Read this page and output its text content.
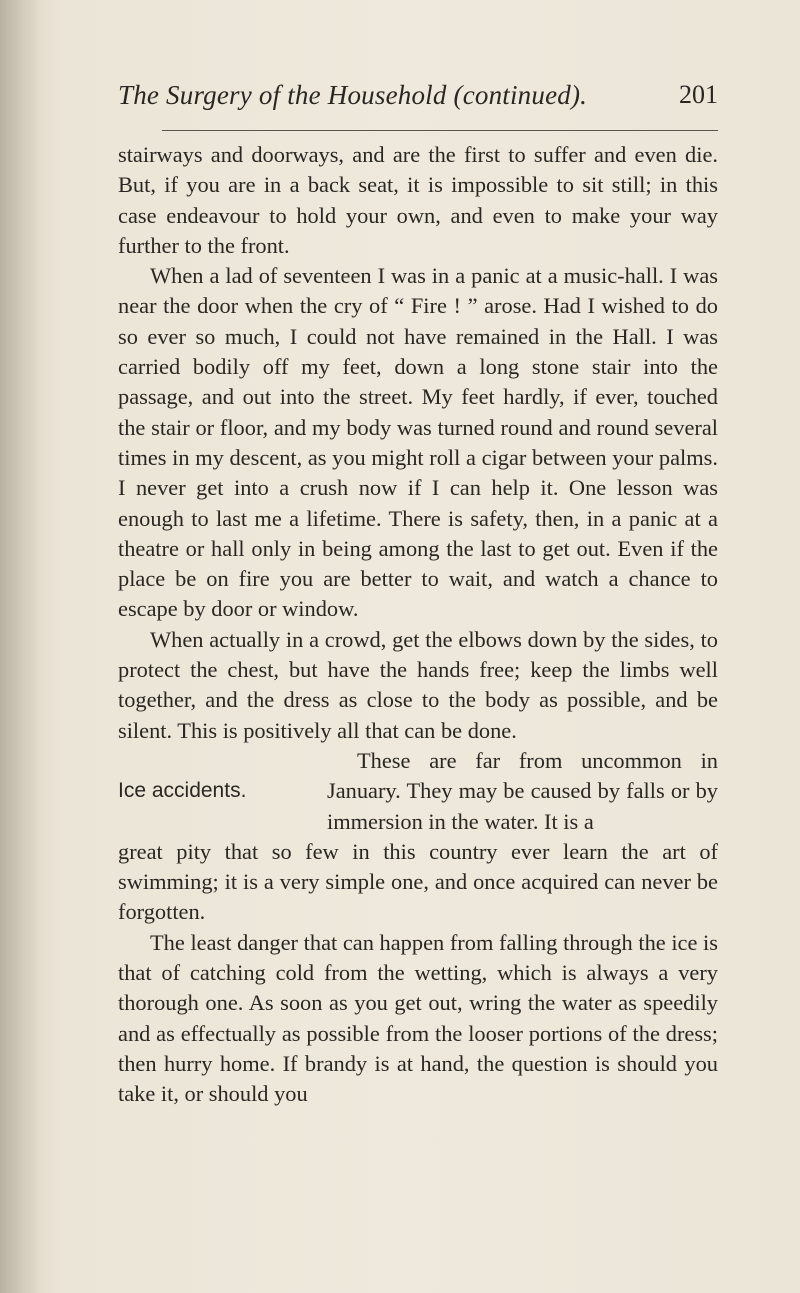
The Surgery of the Household (continued).	201

stairways and doorways, and are the first to suffer and even die. But, if you are in a back seat, it is impossible to sit still; in this case endeavour to hold your own, and even to make your way further to the front.

When a lad of seventeen I was in a panic at a music-hall. I was near the door when the cry of “ Fire ! ” arose. Had I wished to do so ever so much, I could not have remained in the Hall. I was carried bodily off my feet, down a long stone stair into the passage, and out into the street. My feet hardly, if ever, touched the stair or floor, and my body was turned round and round several times in my descent, as you might roll a cigar between your palms. I never get into a crush now if I can help it. One lesson was enough to last me a lifetime. There is safety, then, in a panic at a theatre or hall only in being among the last to get out. Even if the place be on fire you are better to wait, and watch a chance to escape by door or window.

When actually in a crowd, get the elbows down by the sides, to protect the chest, but have the hands free; keep the limbs well together, and the dress as close to the body as possible, and be silent. This is positively all that can be done.

Ice accidents.
These are far from uncommon in January. They may be caused by falls or by immersion in the water. It is a

great pity that so few in this country ever learn the art of swimming; it is a very simple one, and once acquired can never be forgotten.

The least danger that can happen from falling through the ice is that of catching cold from the wetting, which is always a very thorough one. As soon as you get out, wring the water as speedily and as effectually as possible from the looser portions of the dress; then hurry home. If brandy is at hand, the question is should you take it, or should you
